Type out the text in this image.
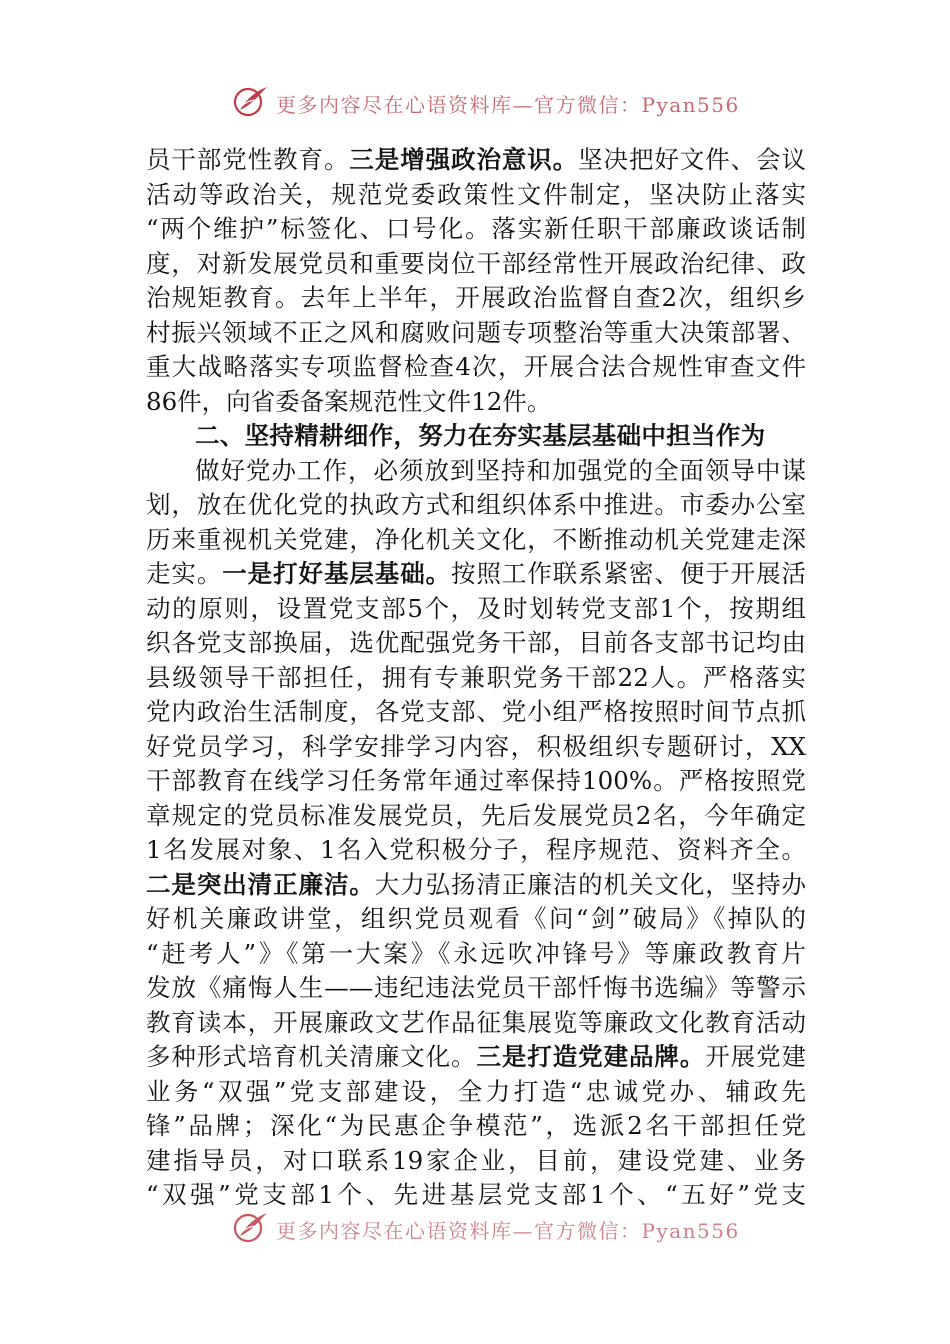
更多内容尽在心语资料库—官方微信：Pyan556

员干部党性教育。三是增强政治意识。坚决把好文件、会议

活动等政治关，规范党委政策性文件制定，坚决防止落实

“两个维护”标签化、口号化。落实新任职干部廉政谈话制

度，对新发展党员和重要岗位干部经常性开展政治纪律、政

治规矩教育。去年上半年，开展政治监督自查2次，组织乡

村振兴领域不正之风和腐败问题专项整治等重大决策部署、

重大战略落实专项监督检查4次，开展合法合规性审查文件

86件，向省委备案规范性文件12件。

二、坚持精耕细作，努力在夯实基层基础中担当作为

做好党办工作，必须放到坚持和加强党的全面领导中谋

划，放在优化党的执政方式和组织体系中推进。市委办公室

历来重视机关党建，净化机关文化，不断推动机关党建走深

走实。一是打好基层基础。按照工作联系紧密、便于开展活

动的原则，设置党支部5个，及时划转党支部1个，按期组

织各党支部换届，选优配强党务干部，目前各支部书记均由

县级领导干部担任，拥有专兼职党务干部22人。严格落实

党内政治生活制度，各党支部、党小组严格按照时间节点抓

好党员学习，科学安排学习内容，积极组织专题研讨，XX

干部教育在线学习任务常年通过率保持100%。严格按照党

章规定的党员标准发展党员，先后发展党员2名，今年确定

1名发展对象、1名入党积极分子，程序规范、资料齐全。

二是突出清正廉洁。大力弘扬清正廉洁的机关文化，坚持办

好机关廉政讲堂，组织党员观看《问“剑”破局》《掉队的

“赶考人”》《第一大案》《永远吹冲锋号》等廉政教育片

发放《痛悔人生——违纪违法党员干部忏悔书选编》等警示

教育读本，开展廉政文艺作品征集展览等廉政文化教育活动

多种形式培育机关清廉文化。三是打造党建品牌。开展党建

业务“双强”党支部建设，全力打造“忠诚党办、辅政先

锋”品牌；深化“为民惠企争模范”，选派2名干部担任党

建指导员，对口联系19家企业，目前，建设党建、业务

“双强”党支部1个、先进基层党支部1个、“五好”党支

更多内容尽在心语资料库—官方微信：Pyan556
